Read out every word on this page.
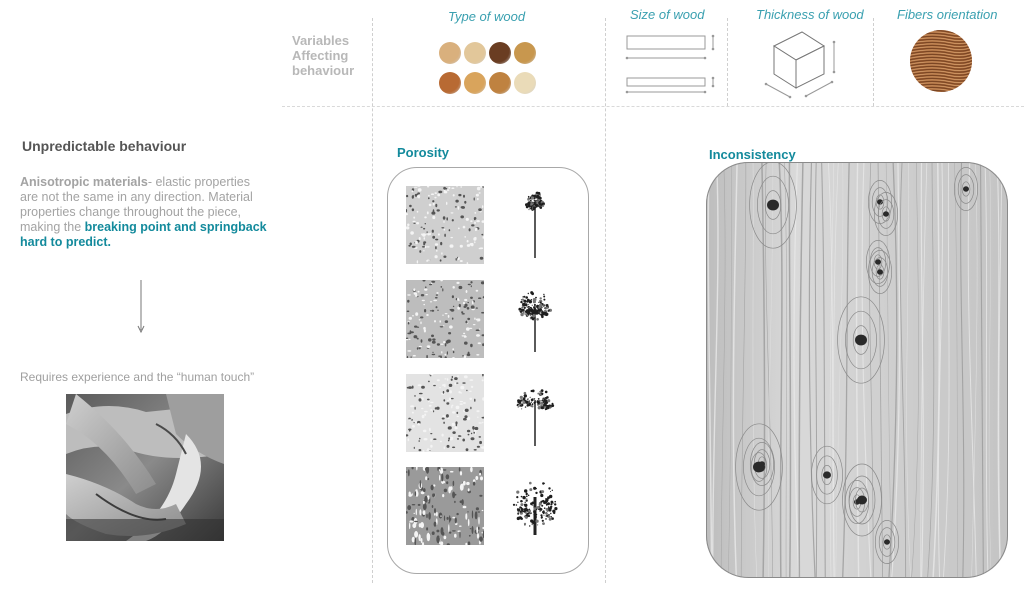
Variables
Affecting
behaviour
Type of wood	Size of wood	Thickness of wood	Fibers orientation
Unpredictable behaviour
Anisotropic materials- elastic properties are not the same in any direction. Material properties change throughout the piece, making the breaking point and springback hard to predict.
Requires experience and the “human touch”
Porosity	Inconsistency
